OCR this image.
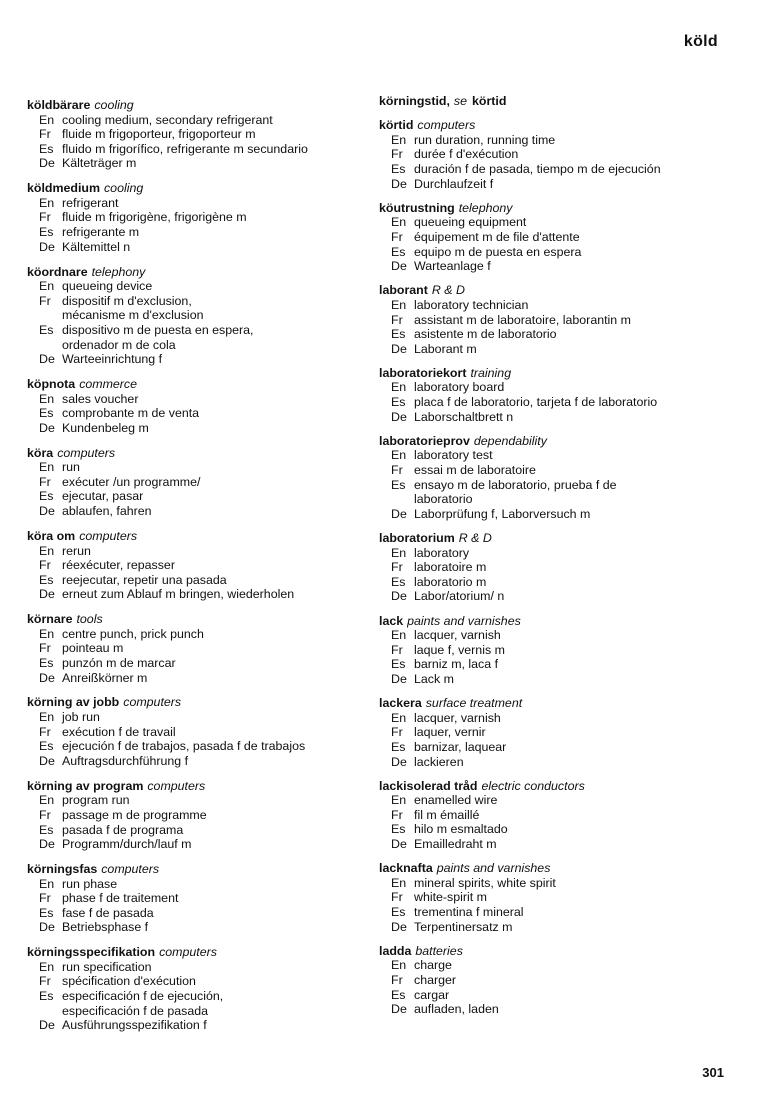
köld
köldbärare cooling
En cooling medium, secondary refrigerant
Fr fluide m frigoporteur, frigoporteur m
Es fluido m frigorífico, refrigerante m secundario
De Kälteträger m
köldmedium cooling
En refrigerant
Fr fluide m frigorigène, frigorigène m
Es refrigerante m
De Kältemittel n
köordnare telephony
En queueing device
Fr dispositif m d'exclusion,
mécanisme m d'exclusion
Es dispositivo m de puesta en espera,
ordenador m de cola
De Warteeinrichtung f
köpnota commerce
En sales voucher
Es comprobante m de venta
De Kundenbeleg m
köra computers
En run
Fr exécuter /un programme/
Es ejecutar, pasar
De ablaufen, fahren
köra om computers
En rerun
Fr réexécuter, repasser
Es reejecutar, repetir una pasada
De erneut zum Ablauf m bringen, wiederholen
körnare tools
En centre punch, prick punch
Fr pointeau m
Es punzón m de marcar
De Anreißkörner m
körning av jobb computers
En job run
Fr exécution f de travail
Es ejecución f de trabajos, pasada f de trabajos
De Auftragsdurchführung f
körning av program computers
En program run
Fr passage m de programme
Es pasada f de programa
De Programm/durch/lauf m
körningsfas computers
En run phase
Fr phase f de traitement
Es fase f de pasada
De Betriebsphase f
körningsspecifikation computers
En run specification
Fr spécification d'exécution
Es especificación f de ejecución,
especificación f de pasada
De Ausführungsspezifikation f
körningstid, se körtid
körtid computers
En run duration, running time
Fr durée f d'exécution
Es duración f de pasada, tiempo m de ejecución
De Durchlaufzeit f
köutrustning telephony
En queueing equipment
Fr équipement m de file d'attente
Es equipo m de puesta en espera
De Warteanlage f
laborant R & D
En laboratory technician
Fr assistant m de laboratoire, laborantin m
Es asistente m de laboratorio
De Laborant m
laboratoriekort training
En laboratory board
Es placa f de laboratorio, tarjeta f de laboratorio
De Laborschaltbrett n
laboratorieprov dependability
En laboratory test
Fr essai m de laboratoire
Es ensayo m de laboratorio, prueba f de
laboratorio
De Laborprüfung f, Laborversuch m
laboratorium R & D
En laboratory
Fr laboratoire m
Es laboratorio m
De Labor/atorium/ n
lack paints and varnishes
En lacquer, varnish
Fr laque f, vernis m
Es barniz m, laca f
De Lack m
lackera surface treatment
En lacquer, varnish
Fr laquer, vernir
Es barnizar, laquear
De lackieren
lackisolerad tråd electric conductors
En enamelled wire
Fr fil m émaillé
Es hilo m esmaltado
De Emailledraht m
lacknafta paints and varnishes
En mineral spirits, white spirit
Fr white-spirit m
Es trementina f mineral
De Terpentinersatz m
ladda batteries
En charge
Fr charger
Es cargar
De aufladen, laden
301
